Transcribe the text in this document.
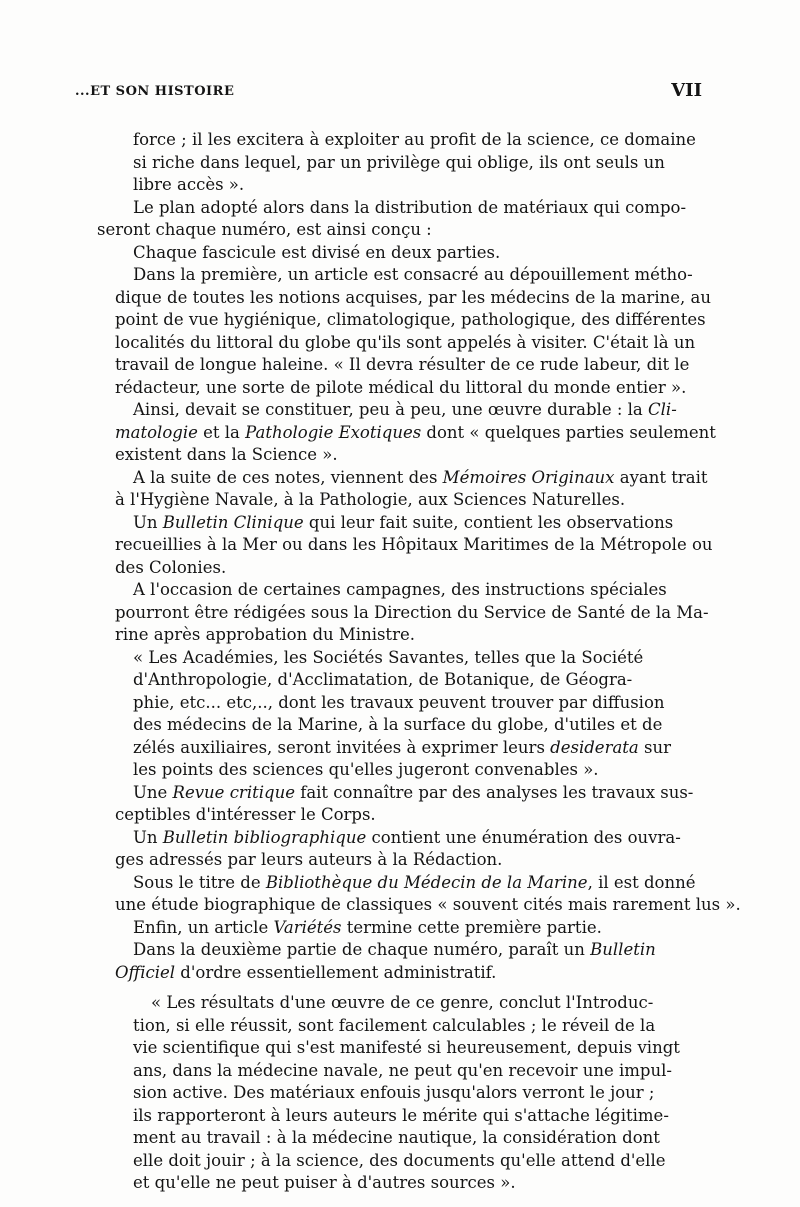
...ET SON HISTOIRE	VII

force ; il les excitera à exploiter au profit de la science, ce domaine
si riche dans lequel, par un privilège qui oblige, ils ont seuls un
libre accès ».

Le plan adopté alors dans la distribution de matériaux qui compo-
seront chaque numéro, est ainsi conçu :

Chaque fascicule est divisé en deux parties.

Dans la première, un article est consacré au dépouillement métho-
dique de toutes les notions acquises, par les médecins de la marine, au
point de vue hygiénique, climatologique, pathologique, des différentes
localités du littoral du globe qu'ils sont appelés à visiter. C'était là un
travail de longue haleine. « Il devra résulter de ce rude labeur, dit le
rédacteur, une sorte de pilote médical du littoral du monde entier ».

Ainsi, devait se constituer, peu à peu, une œuvre durable : la Cli-
matologie et la Pathologie Exotiques dont « quelques parties seulement
existent dans la Science ».

A la suite de ces notes, viennent des Mémoires Originaux ayant trait
à l'Hygiène Navale, à la Pathologie, aux Sciences Naturelles.

Un Bulletin Clinique qui leur fait suite, contient les observations
recueillies à la Mer ou dans les Hôpitaux Maritimes de la Métropole ou
des Colonies.

A l'occasion de certaines campagnes, des instructions spéciales
pourront être rédigées sous la Direction du Service de Santé de la Ma-
rine après approbation du Ministre.

« Les Académies, les Sociétés Savantes, telles que la Société
d'Anthropologie, d'Acclimatation, de Botanique, de Géogra-
phie, etc... etc,.., dont les travaux peuvent trouver par diffusion
des médecins de la Marine, à la surface du globe, d'utiles et de
zélés auxiliaires, seront invitées à exprimer leurs desiderata sur
les points des sciences qu'elles jugeront convenables ».

Une Revue critique fait connaître par des analyses les travaux sus-
ceptibles d'intéresser le Corps.

Un Bulletin bibliographique contient une énumération des ouvra-
ges adressés par leurs auteurs à la Rédaction.

Sous le titre de Bibliothèque du Médecin de la Marine, il est donné
une étude biographique de classiques « souvent cités mais rarement lus ».

Enfin, un article Variétés termine cette première partie.

Dans la deuxième partie de chaque numéro, paraît un Bulletin
Officiel d'ordre essentiellement administratif.

« Les résultats d'une œuvre de ce genre, conclut l'Introduc-
tion, si elle réussit, sont facilement calculables ; le réveil de la
vie scientifique qui s'est manifesté si heureusement, depuis vingt
ans, dans la médecine navale, ne peut qu'en recevoir une impul-
sion active. Des matériaux enfouis jusqu'alors verront le jour ;
ils rapporteront à leurs auteurs le mérite qui s'attache légitime-
ment au travail : à la médecine nautique, la considération dont
elle doit jouir ; à la science, des documents qu'elle attend d'elle
et qu'elle ne peut puiser à d'autres sources ».
